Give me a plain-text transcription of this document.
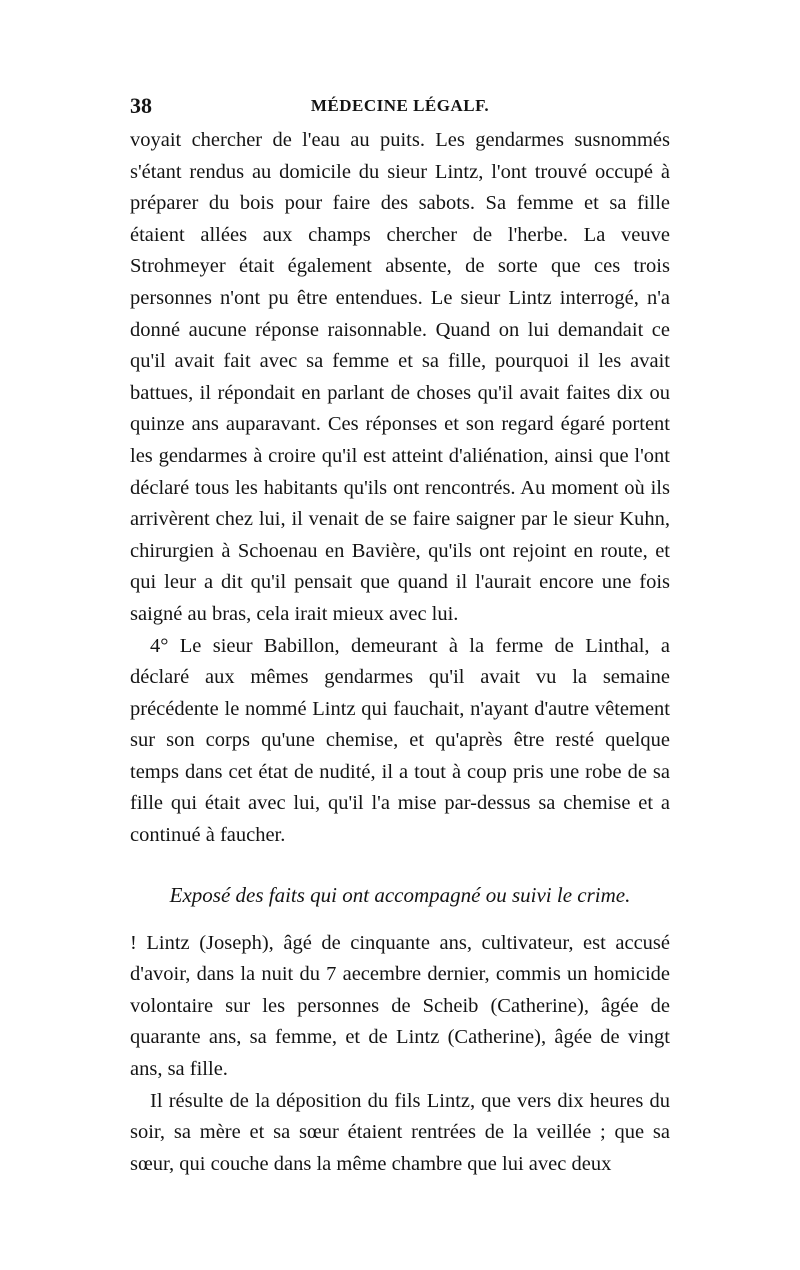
38	MÉDECINE LÉGALF.

voyait chercher de l'eau au puits. Les gendarmes susnommés s'étant rendus au domicile du sieur Lintz, l'ont trouvé occupé à préparer du bois pour faire des sabots. Sa femme et sa fille étaient allées aux champs chercher de l'herbe. La veuve Strohmeyer était également absente, de sorte que ces trois personnes n'ont pu être entendues. Le sieur Lintz interrogé, n'a donné aucune réponse raisonnable. Quand on lui demandait ce qu'il avait fait avec sa femme et sa fille, pourquoi il les avait battues, il répondait en parlant de choses qu'il avait faites dix ou quinze ans auparavant. Ces réponses et son regard égaré portent les gendarmes à croire qu'il est atteint d'aliénation, ainsi que l'ont déclaré tous les habitants qu'ils ont rencontrés. Au moment où ils arrivèrent chez lui, il venait de se faire saigner par le sieur Kuhn, chirurgien à Schoenau en Bavière, qu'ils ont rejoint en route, et qui leur a dit qu'il pensait que quand il l'aurait encore une fois saigné au bras, cela irait mieux avec lui.

4° Le sieur Babillon, demeurant à la ferme de Linthal, a déclaré aux mêmes gendarmes qu'il avait vu la semaine précédente le nommé Lintz qui fauchait, n'ayant d'autre vêtement sur son corps qu'une chemise, et qu'après être resté quelque temps dans cet état de nudité, il a tout à coup pris une robe de sa fille qui était avec lui, qu'il l'a mise par-dessus sa chemise et a continué à faucher.

Exposé des faits qui ont accompagné ou suivi le crime.

! Lintz (Joseph), âgé de cinquante ans, cultivateur, est accusé d'avoir, dans la nuit du 7 aecembre dernier, commis un homicide volontaire sur les personnes de Scheib (Catherine), âgée de quarante ans, sa femme, et de Lintz (Catherine), âgée de vingt ans, sa fille.

Il résulte de la déposition du fils Lintz, que vers dix heures du soir, sa mère et sa sœur étaient rentrées de la veillée ; que sa sœur, qui couche dans la même chambre que lui avec deux
